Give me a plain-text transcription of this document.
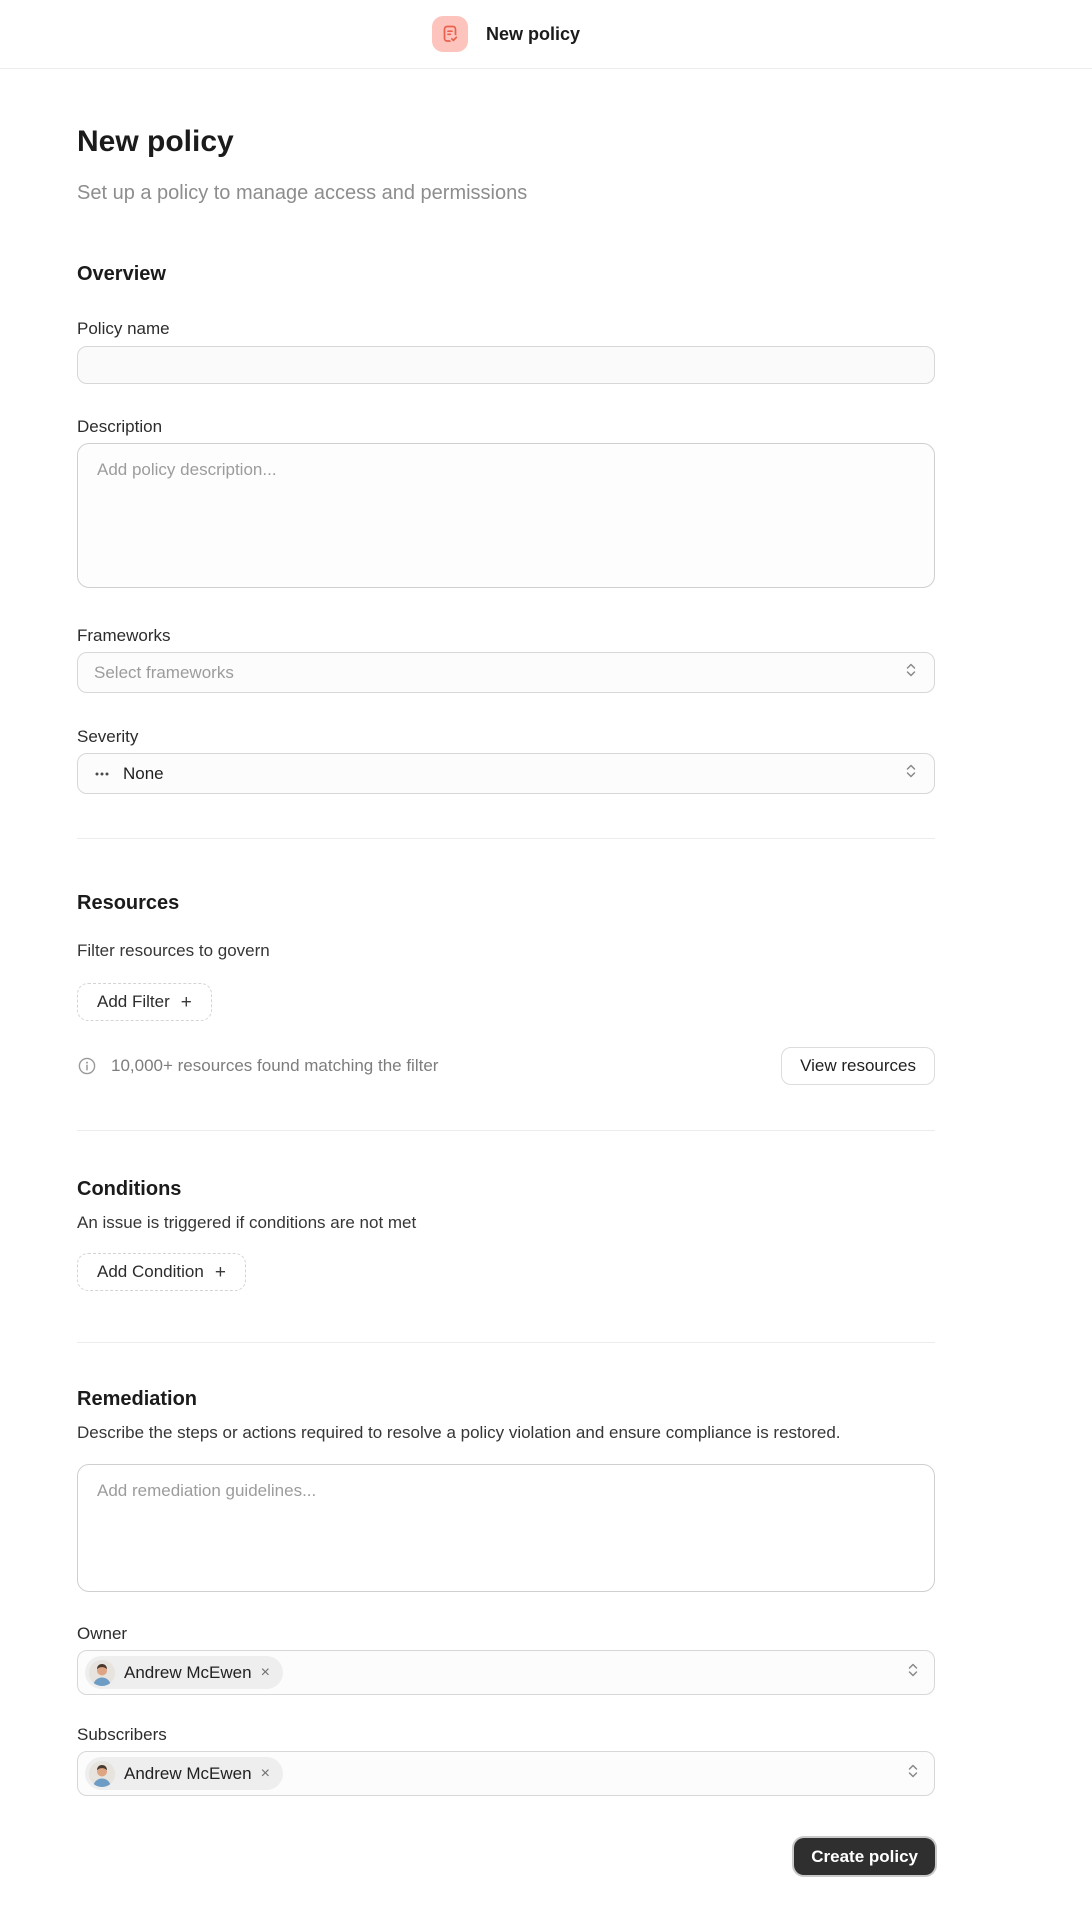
New policy
New policy
Set up a policy to manage access and permissions
Overview
Policy name
Description
Add policy description...
Frameworks
Select frameworks
Severity
None
Resources
Filter resources to govern
Add Filter +
10,000+ resources found matching the filter	View resources
Conditions
An issue is triggered if conditions are not met
Add Condition +
Remediation
Describe the steps or actions required to resolve a policy violation and ensure compliance is restored.
Add remediation guidelines...
Owner
Andrew McEwen ×
Subscribers
Andrew McEwen ×
Create policy
